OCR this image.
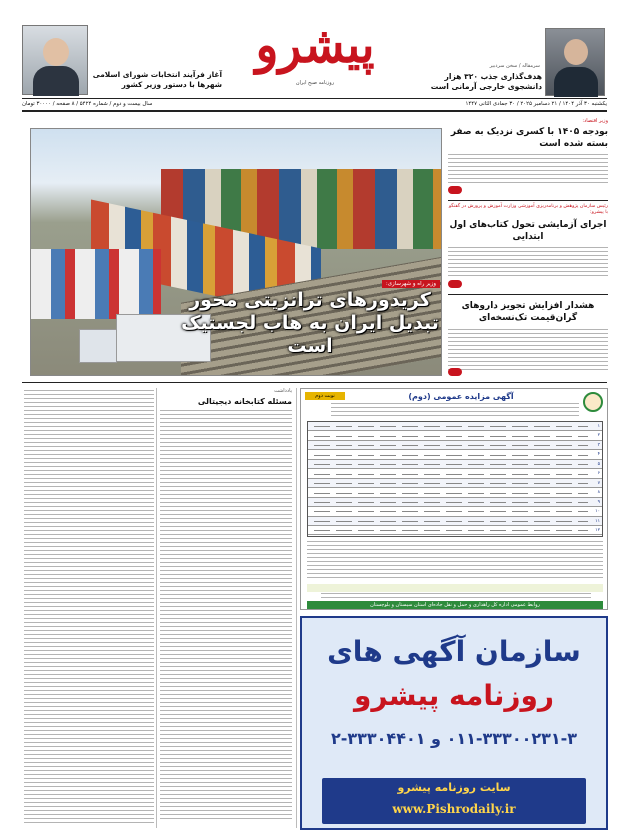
سرمقاله / سخن سردبیر
هدف‌گذاری جذب ۳۲۰ هزار دانشجوی خارجی آرمانی است
پیشرو
روزنامه صبح ایران
آغاز فرآیند انتخابات شورای اسلامی شهرها با دستور وزیر کشور
یکشنبه ۳۰ آذر ۱۴۰۴ / ۲۱ دسامبر ۲۰۲۵ / ۳۰ جمادی الثانی ۱۴۴۷
سال بیست و دوم / شماره ۵۴۲۴ / ۸ صفحه / ۳۰۰۰۰ تومان
وزیر اقتصاد:
بودجه ۱۴۰۵ با کسری نزدیک به صفر بسته شده است
رئیس سازمان پژوهش و برنامه‌ریزی آموزشی وزارت آموزش و پرورش در گفتگو با پیشرو:
اجرای آزمایشی تحول کتاب‌های اول ابتدایی
هشدار افزایش تجویز داروهای گران‌قیمت تک‌نسخه‌ای
وزیر راه و شهرسازی:
کریدورهای ترانزیتی محور تبدیل ایران به هاب لجستیک است
یادداشت
مسئله کتابخانه دیجیتالی
آگهی مزایده عمومی (دوم)
نوبت دوم
۱
۲
۳
۴
۵
۶
۷
۸
۹
۱۰
۱۱
۱۲
روابط عمومی اداره کل راهداری و حمل و نقل جاده‌ای استان سیستان و بلوچستان
سازمان آگهی های
روزنامه پیشرو
۰۱۱-۳۳۳۰۰۲۳۱-۳ و ۳۳۳۰۴۴۰۱-۲
سایت روزنامه پیشرو
www.Pishrodaily.ir
